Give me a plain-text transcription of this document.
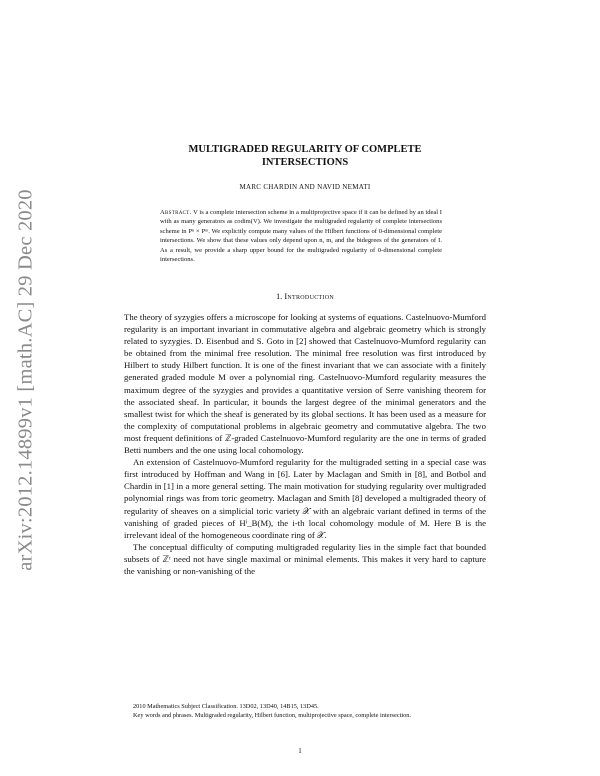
arXiv:2012.14899v1 [math.AC] 29 Dec 2020
MULTIGRADED REGULARITY OF COMPLETE
INTERSECTIONS
MARC CHARDIN AND NAVID NEMATI
Abstract. V is a complete intersection scheme in a multiprojective space if it can be defined by an ideal I with as many generators as codim(V). We investigate the multigraded regularity of complete intersections scheme in Pⁿ × Pᵐ. We explicitly compute many values of the Hilbert functions of 0-dimensional complete intersections. We show that these values only depend upon n, m, and the bidegrees of the generators of I. As a result, we provide a sharp upper bound for the multigraded regularity of 0-dimensional complete intersections.
1. Introduction

The theory of syzygies offers a microscope for looking at systems of equations. Castelnuovo-Mumford regularity is an important invariant in commutative algebra and algebraic geometry which is strongly related to syzygies. D. Eisenbud and S. Goto in [2] showed that Castelnuovo-Mumford regularity can be obtained from the minimal free resolution. The minimal free resolution was first introduced by Hilbert to study Hilbert function. It is one of the finest invariant that we can associate with a finitely generated graded module M over a polynomial ring. Castelnuovo-Mumford regularity measures the maximum degree of the syzygies and provides a quantitative version of Serre vanishing theorem for the associated sheaf. In particular, it bounds the largest degree of the minimal generators and the smallest twist for which the sheaf is generated by its global sections. It has been used as a measure for the complexity of computational problems in algebraic geometry and commutative algebra. The two most frequent definitions of ℤ-graded Castelnuovo-Mumford regularity are the one in terms of graded Betti numbers and the one using local cohomology.

An extension of Castelnuovo-Mumford regularity for the multigraded setting in a special case was first introduced by Hoffman and Wang in [6]. Later by Maclagan and Smith in [8], and Botbol and Chardin in [1] in a more general setting. The main motivation for studying regularity over multigraded polynomial rings was from toric geometry. Maclagan and Smith [8] developed a multigraded theory of regularity of sheaves on a simplicial toric variety 𝒳 with an algebraic variant defined in terms of the vanishing of graded pieces of Hⁱ_B(M), the i-th local cohomology module of M. Here B is the irrelevant ideal of the homogeneous coordinate ring of 𝒳.

The conceptual difficulty of computing multigraded regularity lies in the simple fact that bounded subsets of ℤʳ need not have single maximal or minimal elements. This makes it very hard to capture the vanishing or non-vanishing of the

2010 Mathematics Subject Classification. 13D02, 13D40, 14B15, 13D45.

Key words and phrases. Multigraded regularity, Hilbert function, multiprojective space, complete intersection.

1
